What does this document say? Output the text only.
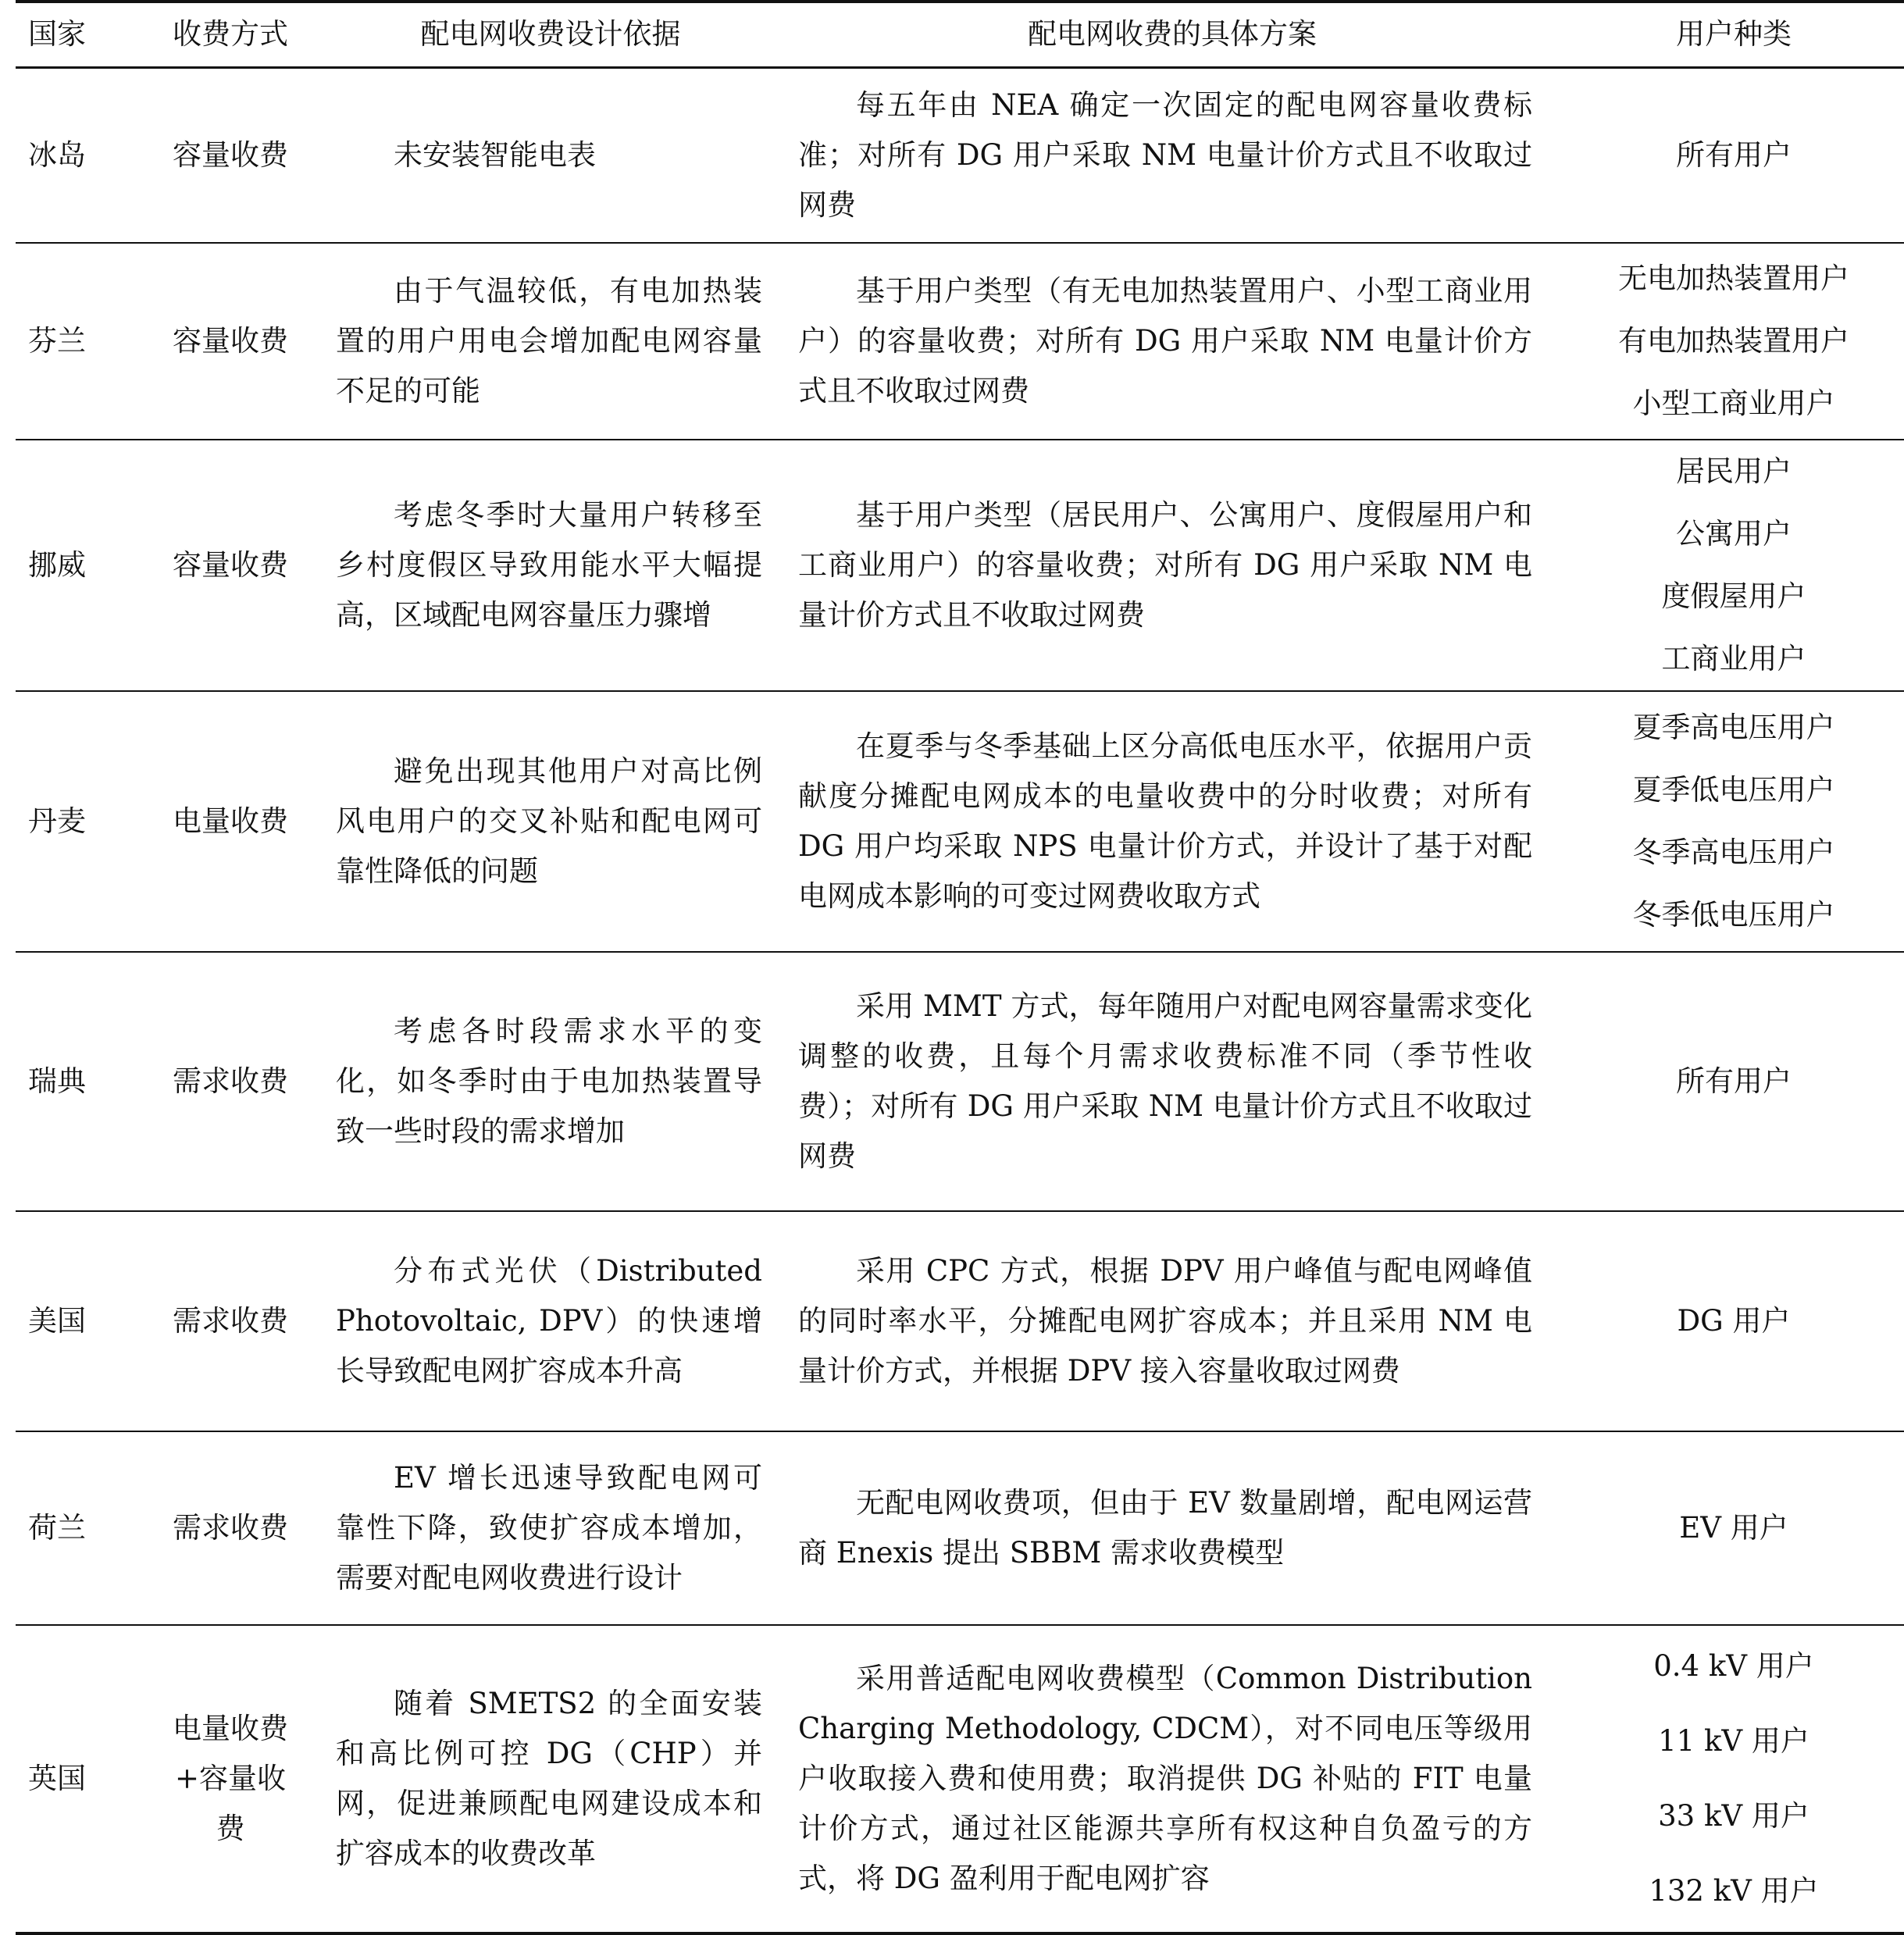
国家	收费方式	配电网收费设计依据	配电网收费的具体方案	用户种类
冰岛	容量收费	未安装智能电表	每五年由 NEA 确定一次固定的配电网容量收费标准；对所有 DG 用户采取 NM 电量计价方式且不收取过网费	所有用户

芬兰	容量收费	由于气温较低，有电加热装置的用户用电会增加配电网容量不足的可能	基于用户类型（有无电加热装置用户、小型工商业用户）的容量收费；对所有 DG 用户采取 NM 电量计价方式且不收取过网费	无电加热装置用户
有电加热装置用户
小型工商业用户

挪威	容量收费	考虑冬季时大量用户转移至乡村度假区导致用能水平大幅提高，区域配电网容量压力骤增	基于用户类型（居民用户、公寓用户、度假屋用户和工商业用户）的容量收费；对所有 DG 用户采取 NM 电量计价方式且不收取过网费	居民用户
公寓用户
度假屋用户
工商业用户

丹麦	电量收费	避免出现其他用户对高比例风电用户的交叉补贴和配电网可靠性降低的问题	在夏季与冬季基础上区分高低电压水平，依据用户贡献度分摊配电网成本的电量收费中的分时收费；对所有 DG 用户均采取 NPS 电量计价方式，并设计了基于对配电网成本影响的可变过网费收取方式	夏季高电压用户
夏季低电压用户
冬季高电压用户
冬季低电压用户

瑞典	需求收费	考虑各时段需求水平的变化，如冬季时由于电加热装置导致一些时段的需求增加	采用 MMT 方式，每年随用户对配电网容量需求变化调整的收费，且每个月需求收费标准不同（季节性收费）；对所有 DG 用户采取 NM 电量计价方式且不收取过网费	所有用户

美国	需求收费	分布式光伏（Distributed Photovoltaic, DPV）的快速增长导致配电网扩容成本升高	采用 CPC 方式，根据 DPV 用户峰值与配电网峰值的同时率水平，分摊配电网扩容成本；并且采用 NM 电量计价方式，并根据 DPV 接入容量收取过网费	DG 用户

荷兰	需求收费	EV 增长迅速导致配电网可靠性下降，致使扩容成本增加，需要对配电网收费进行设计	无配电网收费项，但由于 EV 数量剧增，配电网运营商 Enexis 提出 SBBM 需求收费模型	EV 用户

英国	电量收费+容量收费	随着 SMETS2 的全面安装和高比例可控 DG（CHP）并网，促进兼顾配电网建设成本和扩容成本的收费改革	采用普适配电网收费模型（Common Distribution Charging Methodology, CDCM），对不同电压等级用户收取接入费和使用费；取消提供 DG 补贴的 FIT 电量计价方式，通过社区能源共享所有权这种自负盈亏的方式，将 DG 盈利用于配电网扩容	0.4 kV 用户
11 kV 用户
33 kV 用户
132 kV 用户
